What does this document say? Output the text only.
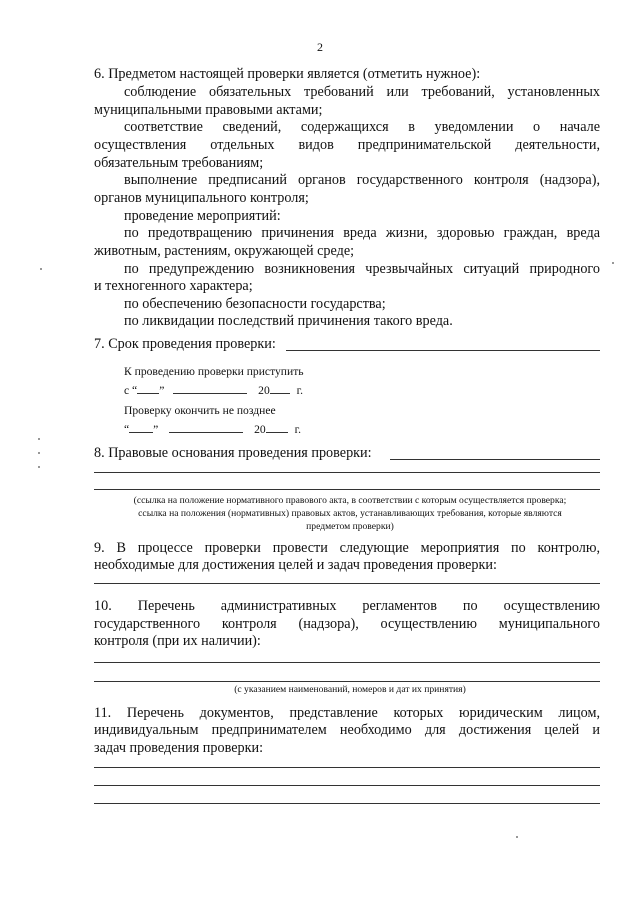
2

6. Предметом настоящей проверки является (отметить нужное):

соблюдение обязательных требований или требований, установленных

муниципальными правовыми актами;

соответствие сведений, содержащихся в уведомлении о начале

осуществления отдельных видов предпринимательской деятельности,

обязательным требованиям;

выполнение предписаний органов государственного контроля (надзора),

органов муниципального контроля;

проведение мероприятий:

по предотвращению причинения вреда жизни, здоровью граждан, вреда

животным, растениям, окружающей среде;

по предупреждению возникновения чрезвычайных ситуаций природного

и техногенного характера;

по обеспечению безопасности государства;

по ликвидации последствий причинения такого вреда.

7. Срок проведения проверки:

К проведению проверки приступить

с “ ”	20 г.

Проверку окончить не позднее

“ ”	20 г.

8. Правовые основания проведения проверки:

(ссылка на положение нормативного правового акта, в соответствии с которым осуществляется проверка;
ссылка на положения (нормативных) правовых актов, устанавливающих требования, которые являются
предметом проверки)

9. В процессе проверки провести следующие мероприятия по контролю,

необходимые для достижения целей и задач проведения проверки:

10. Перечень административных регламентов по осуществлению

государственного контроля (надзора), осуществлению муниципального

контроля (при их наличии):

(с указанием наименований, номеров и дат их принятия)

11. Перечень документов, представление которых юридическим лицом,

индивидуальным предпринимателем необходимо для достижения целей и

задач проведения проверки:
